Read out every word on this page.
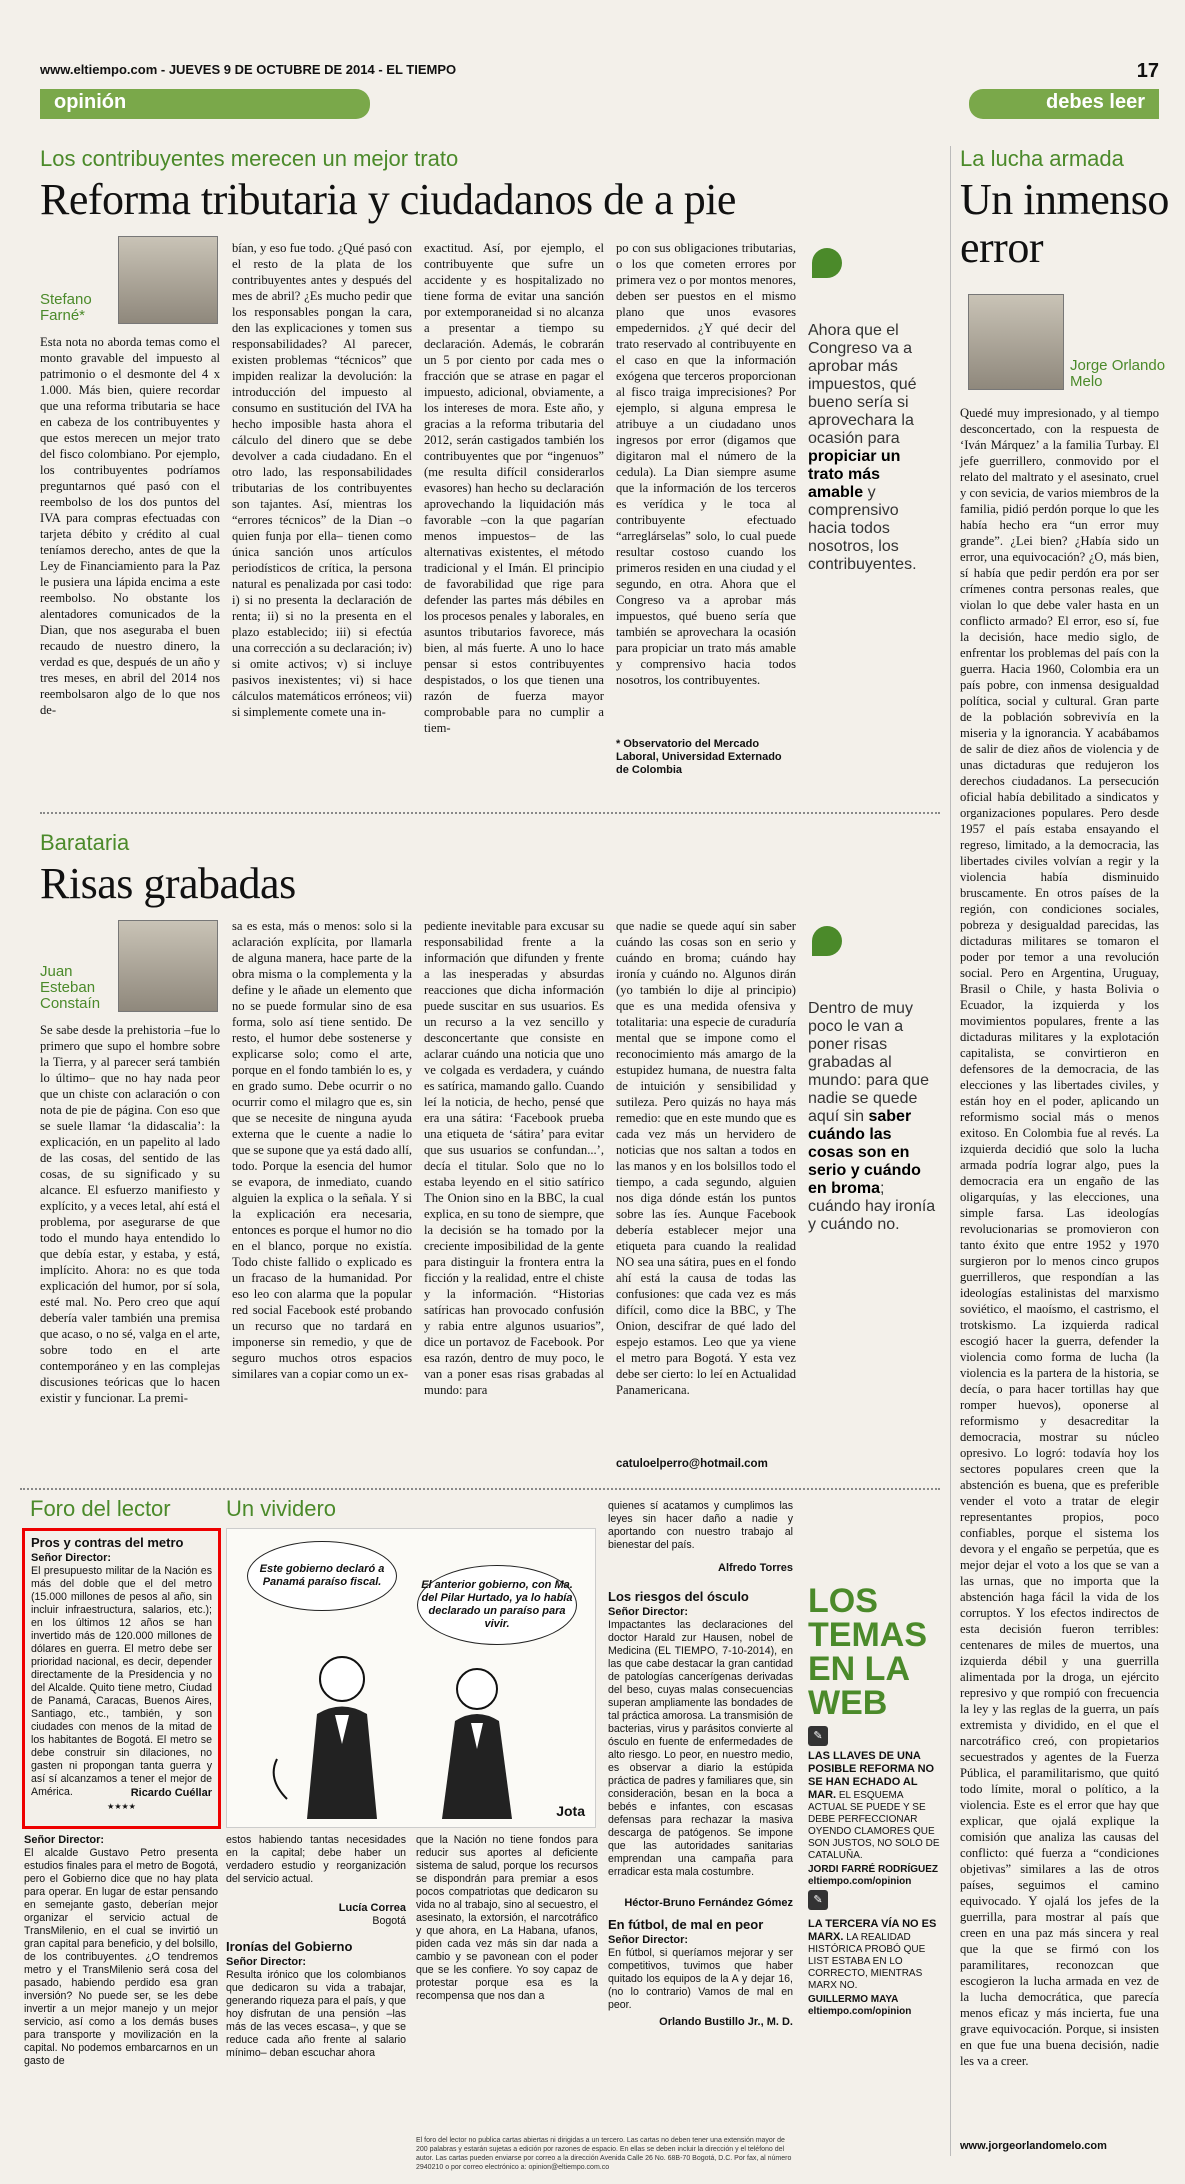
www.eltiempo.com - JUEVES 9 DE OCTUBRE DE 2014 - EL TIEMPO	17
opinión	debes leer
Los contribuyentes merecen un mejor trato
Reforma tributaria y ciudadanos de a pie
Stefano Farné*
Esta nota no aborda temas como el monto gravable del impuesto al patrimonio o el desmonte del 4 x 1.000. Más bien, quiere recordar que una reforma tributaria se hace en cabeza de los contribuyentes y que estos merecen un mejor trato del fisco colombiano. Por ejemplo, los contribuyentes podríamos preguntarnos qué pasó con el reembolso de los dos puntos del IVA para compras efectuadas con tarjeta débito y crédito al cual teníamos derecho, antes de que la Ley de Financiamiento para la Paz le pusiera una lápida encima a este reembolso. No obstante los alentadores comunicados de la Dian, que nos aseguraba el buen recaudo de nuestro dinero, la verdad es que, después de un año y tres meses, en abril del 2014 nos reembolsaron algo de lo que nos de-
bían, y eso fue todo. ¿Qué pasó con el resto de la plata de los contribuyentes antes y después del mes de abril? ¿Es mucho pedir que los responsables pongan la cara, den las explicaciones y tomen sus responsabilidades? Al parecer, existen problemas “técnicos” que impiden realizar la devolución: la introducción del impuesto al consumo en sustitución del IVA ha hecho imposible hasta ahora el cálculo del dinero que se debe devolver a cada ciudadano. En el otro lado, las responsabilidades tributarias de los contribuyentes son tajantes. Así, mientras los “errores técnicos” de la Dian –o quien funja por ella– tienen como única sanción unos artículos periodísticos de crítica, la persona natural es penalizada por casi todo: i) si no presenta la declaración de renta; ii) si no la presenta en el plazo establecido; iii) si efectúa una corrección a su declaración; iv) si omite activos; v) si incluye pasivos inexistentes; vi) si hace cálculos matemáticos erróneos; vii) si simplemente comete una in-
exactitud. Así, por ejemplo, el contribuyente que sufre un accidente y es hospitalizado no tiene forma de evitar una sanción por extemporaneidad si no alcanza a presentar a tiempo su declaración. Además, le cobrarán un 5 por ciento por cada mes o fracción que se atrase en pagar el impuesto, adicional, obviamente, a los intereses de mora. Este año, y gracias a la reforma tributaria del 2012, serán castigados también los contribuyentes que por “ingenuos” (me resulta difícil considerarlos evasores) han hecho su declaración aprovechando la liquidación más favorable –con la que pagarían menos impuestos– de las alternativas existentes, el método tradicional y el Imán. El principio de favorabilidad que rige para defender las partes más débiles en los procesos penales y laborales, en asuntos tributarios favorece, más bien, al más fuerte. A uno lo hace pensar si estos contribuyentes despistados, o los que tienen una razón de fuerza mayor comprobable para no cumplir a tiem-
po con sus obligaciones tributarias, o los que cometen errores por primera vez o por montos menores, deben ser puestos en el mismo plano que unos evasores empedernidos. ¿Y qué decir del trato reservado al contribuyente en el caso en que la información exógena que terceros proporcionan al fisco traiga imprecisiones? Por ejemplo, si alguna empresa le atribuye a un ciudadano unos ingresos por error (digamos que digitaron mal el número de la cedula). La Dian siempre asume que la información de los terceros es verídica y le toca al contribuyente efectuado “arreglárselas” solo, lo cual puede resultar costoso cuando los primeros residen en una ciudad y el segundo, en otra. Ahora que el Congreso va a aprobar más impuestos, qué bueno sería que también se aprovechara la ocasión para propiciar un trato más amable y comprensivo hacia todos nosotros, los contribuyentes.
* Observatorio del Mercado Laboral, Universidad Externado de Colombia
Ahora que el Congreso va a aprobar más impuestos, qué bueno sería si aprovechara la ocasión para propiciar un trato más amable y comprensivo hacia todos nosotros, los contribuyentes.
La lucha armada
Un inmenso error
Jorge Orlando Melo
Quedé muy impresionado, y al tiempo desconcertado, con la respuesta de ‘Iván Márquez’ a la familia Turbay. El jefe guerrillero, conmovido por el relato del maltrato y el asesinato, cruel y con sevicia, de varios miembros de la familia, pidió perdón porque lo que les había hecho era “un error muy grande”. ¿Lei bien? ¿Había sido un error, una equivocación? ¿O, más bien, sí había que pedir perdón era por ser crímenes contra personas reales, que violan lo que debe valer hasta en un conflicto armado? El error, eso sí, fue la decisión, hace medio siglo, de enfrentar los problemas del país con la guerra. Hacia 1960, Colombia era un país pobre, con inmensa desigualdad política, social y cultural. Gran parte de la población sobrevivía en la miseria y la ignorancia. Y acabábamos de salir de diez años de violencia y de unas dictaduras que redujeron los derechos ciudadanos. La persecución oficial había debilitado a sindicatos y organizaciones populares. Pero desde 1957 el país estaba ensayando el regreso, limitado, a la democracia, las libertades civiles volvían a regir y la violencia había disminuido bruscamente. En otros países de la región, con condiciones sociales, pobreza y desigualdad parecidas, las dictaduras militares se tomaron el poder por temor a una revolución social. Pero en Argentina, Uruguay, Brasil o Chile, y hasta Bolivia o Ecuador, la izquierda y los movimientos populares, frente a las dictaduras militares y la explotación capitalista, se convirtieron en defensores de la democracia, de las elecciones y las libertades civiles, y están hoy en el poder, aplicando un reformismo social más o menos exitoso. En Colombia fue al revés. La izquierda decidió que solo la lucha armada podría lograr algo, pues la democracia era un engaño de las oligarquías, y las elecciones, una simple farsa. Las ideologías revolucionarias se promovieron con tanto éxito que entre 1952 y 1970 surgieron por lo menos cinco grupos guerrilleros, que respondían a las ideologías estalinistas del marxismo soviético, el maoísmo, el castrismo, el trotskismo. La izquierda radical escogió hacer la guerra, defender la violencia como forma de lucha (la violencia es la partera de la historia, se decía, o para hacer tortillas hay que romper huevos), oponerse al reformismo y desacreditar la democracia, mostrar su núcleo opresivo. Lo logró: todavía hoy los sectores populares creen que la abstención es buena, que es preferible vender el voto a tratar de elegir representantes propios, poco confiables, porque el sistema los devora y el engaño se perpetúa, que es mejor dejar el voto a los que se van a las urnas, que no importa que la abstención haga fácil la vida de los corruptos. Y los efectos indirectos de esta decisión fueron terribles: centenares de miles de muertos, una izquierda débil y una guerrilla alimentada por la droga, un ejército represivo y que rompió con frecuencia la ley y las reglas de la guerra, un país extremista y dividido, en el que el narcotráfico creó, con propietarios secuestrados y agentes de la Fuerza Pública, el paramilitarismo, que quitó todo límite, moral o político, a la violencia. Este es el error que hay que explicar, que ojalá explique la comisión que analiza las causas del conflicto: qué fuerza a “condiciones objetivas” similares a las de otros países, seguimos el camino equivocado. Y ojalá los jefes de la guerrilla, para mostrar al país que creen en una paz más sincera y real que la que se firmó con los paramilitares, reconozcan que escogieron la lucha armada en vez de la lucha democrática, que parecía menos eficaz y más incierta, fue una grave equivocación. Porque, si insisten en que fue una buena decisión, nadie les va a creer.
www.jorgeorlandomelo.com
Barataria
Risas grabadas
Juan Esteban Constaín
Se sabe desde la prehistoria –fue lo primero que supo el hombre sobre la Tierra, y al parecer será también lo último– que no hay nada peor que un chiste con aclaración o con nota de pie de página. Con eso que se suele llamar ‘la didascalia’: la explicación, en un papelito al lado de las cosas, del sentido de las cosas, de su significado y su alcance. El esfuerzo manifiesto y explícito, y a veces letal, ahí está el problema, por asegurarse de que todo el mundo haya entendido lo que debía estar, y estaba, y está, implícito. Ahora: no es que toda explicación del humor, por sí sola, esté mal. No. Pero creo que aquí debería valer también una premisa que acaso, o no sé, valga en el arte, sobre todo en el arte contemporáneo y en las complejas discusiones teóricas que lo hacen existir y funcionar. La premi-
sa es esta, más o menos: solo si la aclaración explícita, por llamarla de alguna manera, hace parte de la obra misma o la complementa y la define y le añade un elemento que no se puede formular sino de esa forma, solo así tiene sentido. De resto, el humor debe sostenerse y explicarse solo; como el arte, porque en el fondo también lo es, y en grado sumo. Debe ocurrir o no ocurrir como el milagro que es, sin que se necesite de ninguna ayuda externa que le cuente a nadie lo que se supone que ya está dado allí, todo. Porque la esencia del humor se evapora, de inmediato, cuando alguien la explica o la señala. Y si la explicación era necesaria, entonces es porque el humor no dio en el blanco, porque no existía. Todo chiste fallido o explicado es un fracaso de la humanidad. Por eso leo con alarma que la popular red social Facebook esté probando un recurso que no tardará en imponerse sin remedio, y que de seguro muchos otros espacios similares van a copiar como un ex-
pediente inevitable para excusar su responsabilidad frente a la información que difunden y frente a las inesperadas y absurdas reacciones que dicha información puede suscitar en sus usuarios. Es un recurso a la vez sencillo y desconcertante que consiste en aclarar cuándo una noticia que uno ve colgada es verdadera, y cuándo es satírica, mamando gallo. Cuando leí la noticia, de hecho, pensé que era una sátira: ‘Facebook prueba una etiqueta de ‘sátira’ para evitar que sus usuarios se confundan...’, decía el titular. Solo que no lo estaba leyendo en el sitio satírico The Onion sino en la BBC, la cual explica, en su tono de siempre, que la decisión se ha tomado por la creciente imposibilidad de la gente para distinguir la frontera entra la ficción y la realidad, entre el chiste y la información. “Historias satíricas han provocado confusión y rabia entre algunos usuarios”, dice un portavoz de Facebook. Por esa razón, dentro de muy poco, le van a poner esas risas grabadas al mundo: para
que nadie se quede aquí sin saber cuándo las cosas son en serio y cuándo en broma; cuándo hay ironía y cuándo no. Algunos dirán (yo también lo dije al principio) que es una medida ofensiva y totalitaria: una especie de curaduría mental que se impone como el reconocimiento más amargo de la estupidez humana, de nuestra falta de intuición y sensibilidad y sutileza. Pero quizás no haya más remedio: que en este mundo que es cada vez más un hervidero de noticias que nos saltan a todos en las manos y en los bolsillos todo el tiempo, a cada segundo, alguien nos diga dónde están los puntos sobre las íes. Aunque Facebook debería establecer mejor una etiqueta para cuando la realidad NO sea una sátira, pues en el fondo ahí está la causa de todas las confusiones: que cada vez es más difícil, como dice la BBC, y The Onion, descifrar de qué lado del espejo estamos. Leo que ya viene el metro para Bogotá. Y esta vez debe ser cierto: lo leí en Actualidad Panamericana.
catuloelperro@hotmail.com
Dentro de muy poco le van a poner risas grabadas al mundo: para que nadie se quede aquí sin saber cuándo las cosas son en serio y cuándo en broma; cuándo hay ironía y cuándo no.
Foro del lector
Pros y contras del metro
Señor Director:
El presupuesto militar de la Nación es más del doble que el del metro (15.000 millones de pesos al año, sin incluir infraestructura, salarios, etc.); en los últimos 12 años se han invertido más de 120.000 millones de dólares en guerra. El metro debe ser prioridad nacional, es decir, depender directamente de la Presidencia y no del Alcalde. Quito tiene metro, Ciudad de Panamá, Caracas, Buenos Aires, Santiago, etc., también, y son ciudades con menos de la mitad de los habitantes de Bogotá. El metro se debe construir sin dilaciones, no gasten ni propongan tanta guerra y así sí alcanzamos a tener el mejor de América.	Ricardo Cuéllar
★★★★
Señor Director:
El alcalde Gustavo Petro presenta estudios finales para el metro de Bogotá, pero el Gobierno dice que no hay plata para operar. En lugar de estar pensando en semejante gasto, deberían mejor organizar el servicio actual de TransMilenio, en el cual se invirtió un gran capital para beneficio, y del bolsillo, de los contribuyentes. ¿O tendremos metro y el TransMilenio será cosa del pasado, habiendo perdido esa gran inversión? No puede ser, se les debe invertir a un mejor manejo y un mejor servicio, así como a los demás buses para transporte y movilización en la capital. No podemos embarcarnos en un gasto de
estos habiendo tantas necesidades en la capital; debe haber un verdadero estudio y reorganización del servicio actual.
Lucía Correa
Bogotá
Ironías del Gobierno
Señor Director:
Resulta irónico que los colombianos que dedicaron su vida a trabajar, generando riqueza para el país, y que hoy disfrutan de una pensión –las más de las veces escasa–, y que se reduce cada año frente al salario mínimo– deban escuchar ahora
que la Nación no tiene fondos para reducir sus aportes al deficiente sistema de salud, porque los recursos se dispondrán para premiar a esos pocos compatriotas que dedicaron su vida no al trabajo, sino al secuestro, el asesinato, la extorsión, el narcotráfico y que ahora, en La Habana, ufanos, piden cada vez más sin dar nada a cambio y se pavonean con el poder que se les confiere. Yo soy capaz de protestar porque esa es la recompensa que nos dan a
Un vividero
Este gobierno declaró a Panamá paraíso fiscal.	El anterior gobierno, con Ma. del Pilar Hurtado, ya lo había declarado un paraíso para vivir.
Jota
quienes sí acatamos y cumplimos las leyes sin hacer daño a nadie y aportando con nuestro trabajo al bienestar del país.
Alfredo Torres
Los riesgos del ósculo
Señor Director:
Impactantes las declaraciones del doctor Harald zur Hausen, nobel de Medicina (EL TIEMPO, 7-10-2014), en las que cabe destacar la gran cantidad de patologías cancerígenas derivadas del beso, cuyas malas consecuencias superan ampliamente las bondades de tal práctica amorosa. La transmisión de bacterias, virus y parásitos convierte al ósculo en fuente de enfermedades de alto riesgo. Lo peor, en nuestro medio, es observar a diario la estúpida práctica de padres y familiares que, sin consideración, besan en la boca a bebés e infantes, con escasas defensas para rechazar la masiva descarga de patógenos. Se impone que las autoridades sanitarias emprendan una campaña para erradicar esta mala costumbre.
Héctor-Bruno Fernández Gómez
En fútbol, de mal en peor
Señor Director:
En fútbol, si queríamos mejorar y ser competitivos, tuvimos que haber quitado los equipos de la A y dejar 16, (no lo contrario) Vamos de mal en peor.
Orlando Bustillo Jr., M. D.
El foro del lector no publica cartas abiertas ni dirigidas a un tercero. Las cartas no deben tener una extensión mayor de 200 palabras y estarán sujetas a edición por razones de espacio. En ellas se deben incluir la dirección y el teléfono del autor. Las cartas pueden enviarse por correo a la dirección Avenida Calle 26 No. 68B-70 Bogotá, D.C. Por fax, al número 2940210 o por correo electrónico a: opinion@eltiempo.com.co
LOS TEMAS EN LA WEB
✎
LAS LLAVES DE UNA POSIBLE REFORMA NO SE HAN ECHADO AL MAR. EL ESQUEMA ACTUAL SE PUEDE Y SE DEBE PERFECCIONAR OYENDO CLAMORES QUE SON JUSTOS, NO SOLO DE CATALUÑA.
JORDI FARRÉ RODRÍGUEZ
eltiempo.com/opinion
✎
LA TERCERA VÍA NO ES MARX. LA REALIDAD HISTÓRICA PROBÓ QUE LIST ESTABA EN LO CORRECTO, MIENTRAS MARX NO.
GUILLERMO MAYA
eltiempo.com/opinion
